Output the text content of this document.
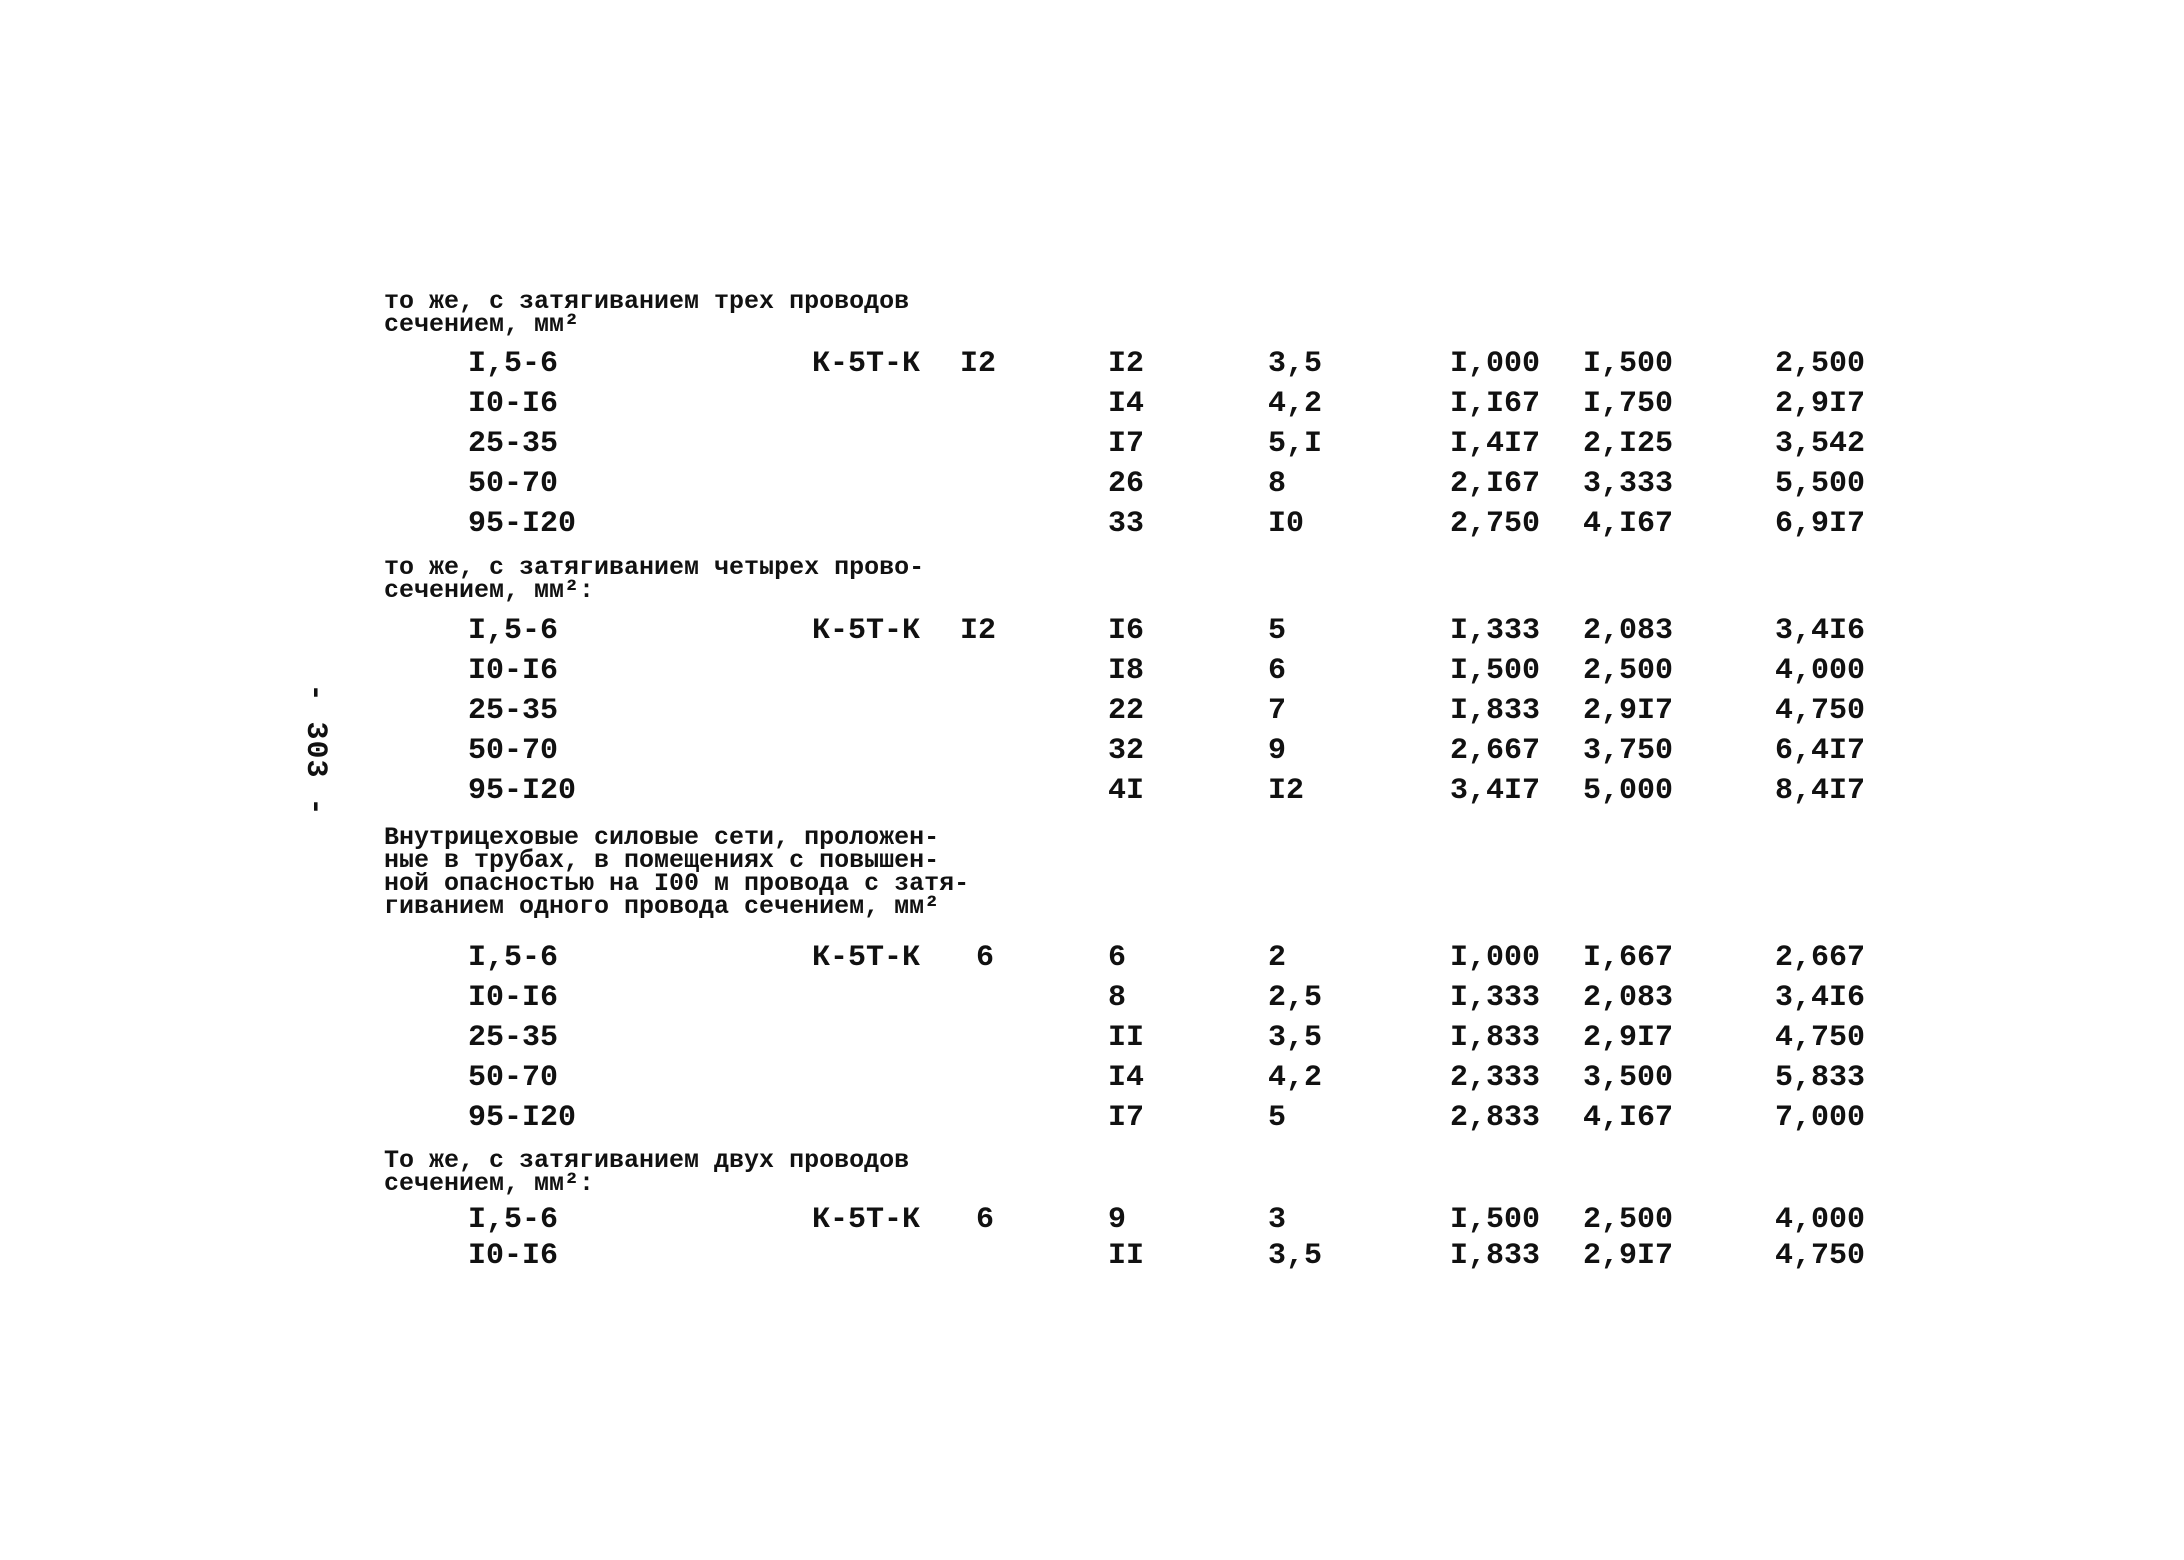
- 303 -
то же, с затягиванием трех проводов
сечением, мм²
I,5-6	К-5Т-К I2	I2	3,5	I,000 I,500	2,500
I0-I6	I4	4,2	I,I67 I,750	2,9I7
25-35	I7	5,I	I,4I7 2,I25	3,542
50-70	26	8	2,I67 3,333	5,500
95-I20	33	I0	2,750 4,I67	6,9I7
то же, с затягиванием четырех прово-
сечением, мм²:
I,5-6	К-5Т-К I2	I6	5	I,333 2,083	3,4I6
I0-I6	I8	6	I,500 2,500	4,000
25-35	22	7	I,833 2,9I7	4,750
50-70	32	9	2,667 3,750	6,4I7
95-I20	4I	I2	3,4I7 5,000	8,4I7
Внутрицеховые силовые сети, проложен-
ные в трубах, в помещениях с повышен-
ной опасностью на I00 м провода с затя-
гиванием одного провода сечением, мм²
I,5-6	К-5Т-К 6	6	2	I,000 I,667	2,667
I0-I6	8	2,5	I,333 2,083	3,4I6
25-35	II	3,5	I,833 2,9I7	4,750
50-70	I4	4,2	2,333 3,500	5,833
95-I20	I7	5	2,833 4,I67	7,000
То же, с затягиванием двух проводов
сечением, мм²:
I,5-6	К-5Т-К 6	9	3	I,500 2,500	4,000
I0-I6	II	3,5	I,833 2,9I7	4,750
